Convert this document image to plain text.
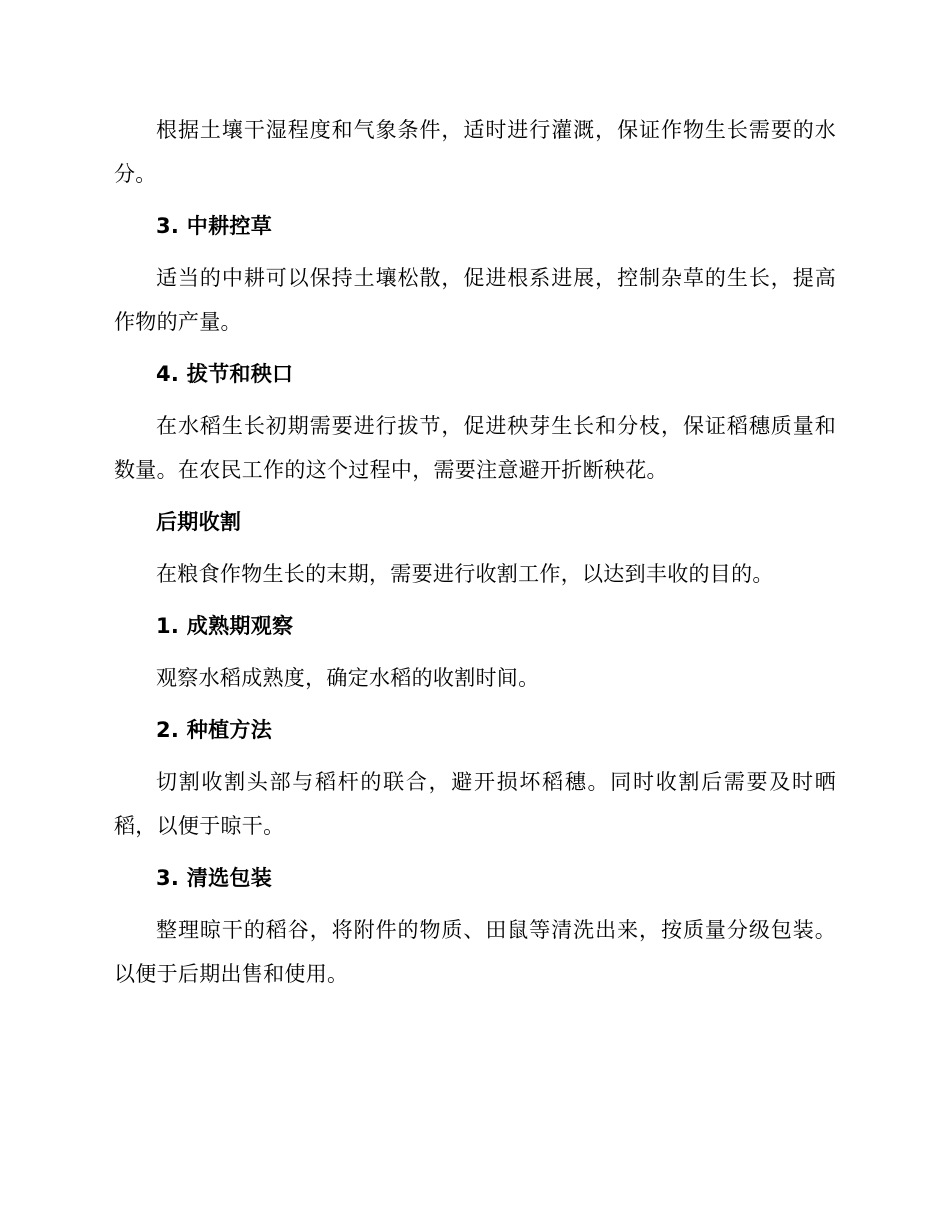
根据土壤干湿程度和气象条件，适时进行灌溉，保证作物生长需要的水分。

3. 中耕控草

适当的中耕可以保持土壤松散，促进根系进展，控制杂草的生长，提高作物的产量。

4. 拔节和秧口

在水稻生长初期需要进行拔节，促进秧芽生长和分枝，保证稻穗质量和数量。在农民工作的这个过程中，需要注意避开折断秧花。

后期收割

在粮食作物生长的末期，需要进行收割工作，以达到丰收的目的。

1. 成熟期观察

观察水稻成熟度，确定水稻的收割时间。

2. 种植方法

切割收割头部与稻杆的联合，避开损坏稻穗。同时收割后需要及时晒稻，以便于晾干。

3. 清选包装

整理晾干的稻谷，将附件的物质、田鼠等清洗出来，按质量分级包装。以便于后期出售和使用。
